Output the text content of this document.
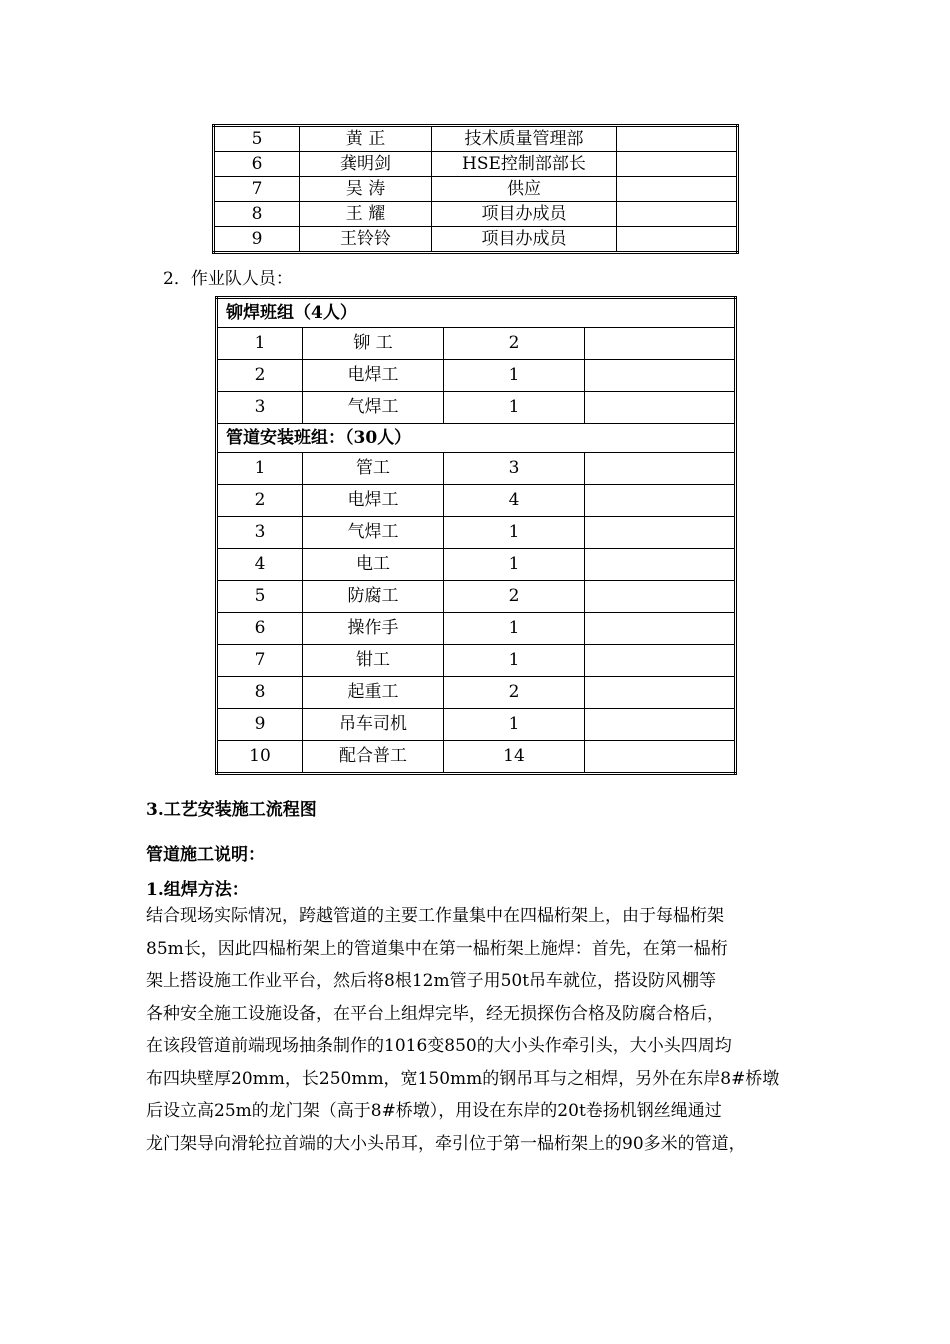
5	黄 正	技术质量管理部	
6	龚明剑	HSE控制部部长	
7	吴 涛	供应	
8	王 耀	项目办成员	
9	王铃铃	项目办成员	
2．作业队人员：
铆焊班组（4人）			
1	铆 工	2	
2	电焊工	1	
3	气焊工	1	
管道安装班组：（30人）			
1	管工	3	
2	电焊工	4	
3	气焊工	1	
4	电工	1	
5	防腐工	2	
6	操作手	1	
7	钳工	1	
8	起重工	2	
9	吊车司机	1	
10	配合普工	14	
3.工艺安装施工流程图
管道施工说明：
1.组焊方法：
结合现场实际情况，跨越管道的主要工作量集中在四榀桁架上，由于每榀桁架
85m长，因此四榀桁架上的管道集中在第一榀桁架上施焊：首先，在第一榀桁
架上搭设施工作业平台，然后将8根12m管子用50t吊车就位，搭设防风棚等
各种安全施工设施设备，在平台上组焊完毕，经无损探伤合格及防腐合格后，
在该段管道前端现场抽条制作的1016变850的大小头作牵引头，大小头四周均
布四块壁厚20mm，长250mm，宽150mm的钢吊耳与之相焊，另外在东岸8#桥墩
后设立高25m的龙门架（高于8#桥墩），用设在东岸的20t卷扬机钢丝绳通过
龙门架导向滑轮拉首端的大小头吊耳，牵引位于第一榀桁架上的90多米的管道，
